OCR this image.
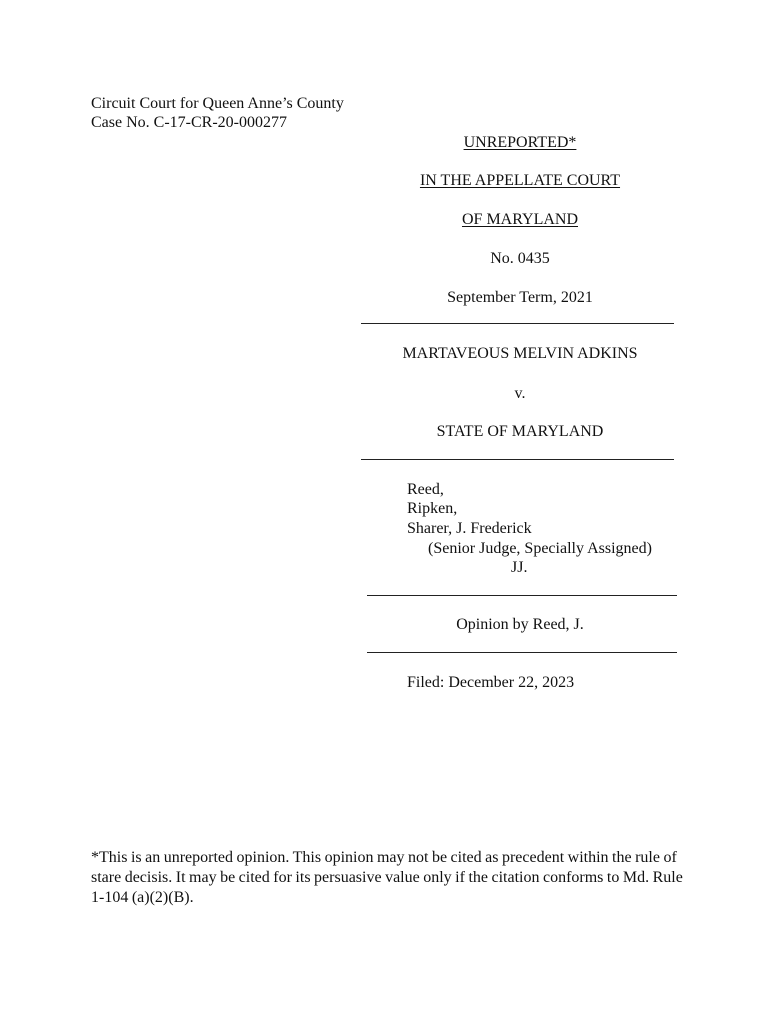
Circuit Court for Queen Anne’s County
Case No. C-17-CR-20-000277
UNREPORTED*
IN THE APPELLATE COURT
OF MARYLAND
No. 0435
September Term, 2021
MARTAVEOUS MELVIN ADKINS
v.
STATE OF MARYLAND
Reed,
Ripken,
Sharer, J. Frederick
(Senior Judge, Specially Assigned)
JJ.
Opinion by Reed, J.
Filed: December 22, 2023
*This is an unreported opinion. This opinion may not be cited as precedent within the rule of stare decisis. It may be cited for its persuasive value only if the citation conforms to Md. Rule 1-104 (a)(2)(B).
